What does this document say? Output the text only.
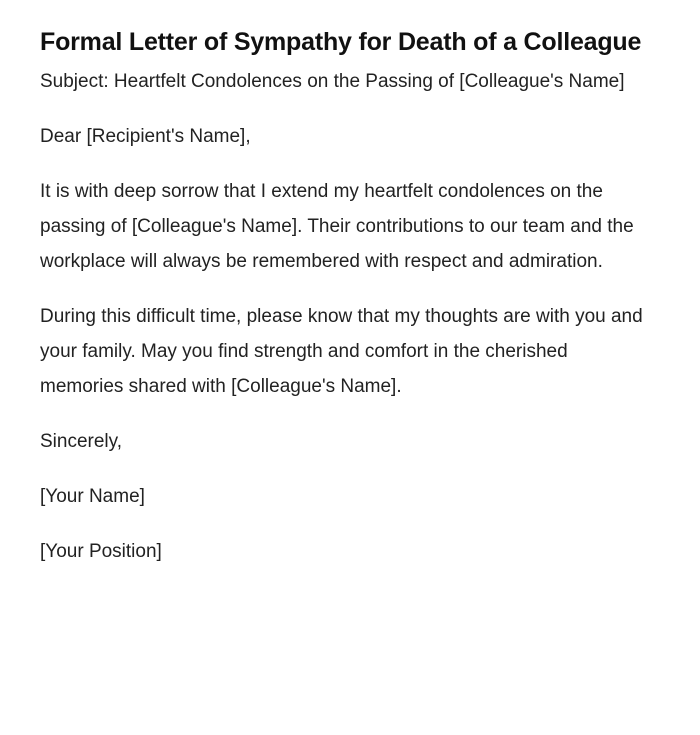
Formal Letter of Sympathy for Death of a Colleague

Subject: Heartfelt Condolences on the Passing of [Colleague's Name]

Dear [Recipient's Name],

It is with deep sorrow that I extend my heartfelt condolences on the passing of [Colleague's Name]. Their contributions to our team and the workplace will always be remembered with respect and admiration.

During this difficult time, please know that my thoughts are with you and your family. May you find strength and comfort in the cherished memories shared with [Colleague's Name].

Sincerely,

[Your Name]

[Your Position]
